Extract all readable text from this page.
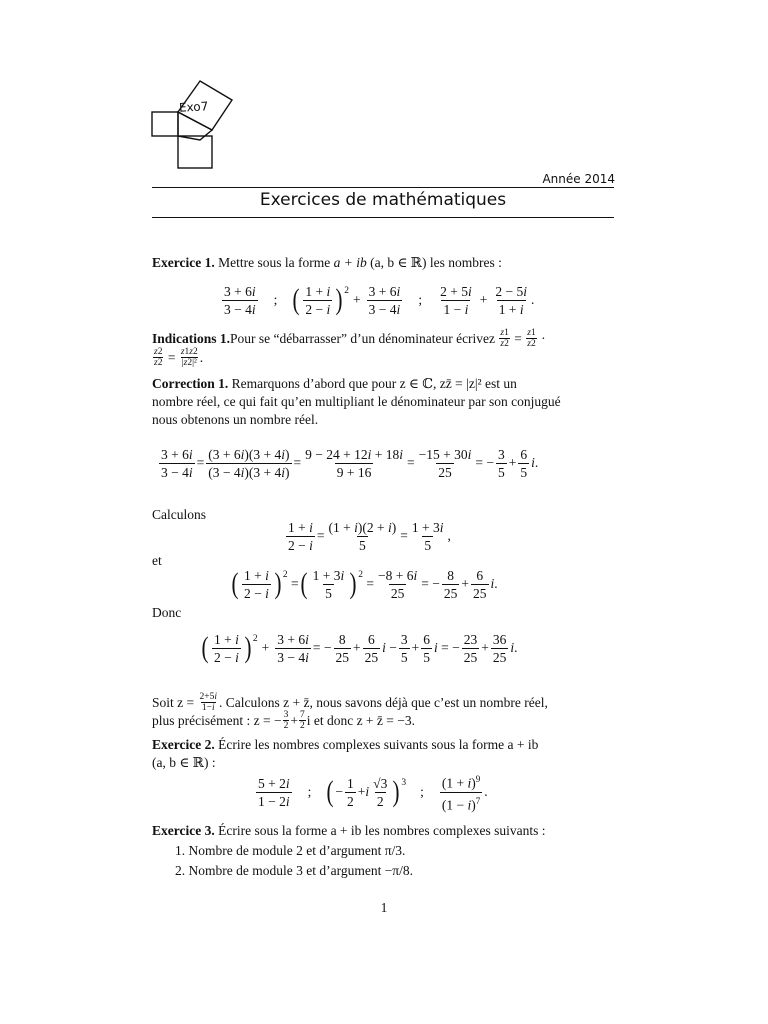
Exo7
Année 2014
Exercices de mathématiques
Exercice 1. Mettre sous la forme a + ib (a, b ∈ ℝ) les nombres :
$\frac{3 + 6i}{3 - 4i}$ ; ( $\frac{1 + i}{2 - i}$ ) 2
+ $\frac{3 + 6i}{3 - 4i}$ ; $\frac{2 + 5i}{1 - i} + \frac{2 - 5i}{1 + i}$ .
Indications 1. Pour se “débarrasser” d’un dénominateur écrivez
z1
z2 = z1
z2 ·
z2
z2 = z1z2
|z2|² .
Correction 1. Remarquons d’abord que pour z ∈ ℂ, zz̄ = |z|² est un
nombre réel, ce qui fait qu’en multipliant le dénominateur par son conjugué
nous obtenons un nombre réel.
$\frac{3 + 6i}{3 - 4i} = \frac{(3 + 6i)(3 + 4i)}{(3 - 4i)(3 + 4i)} = \frac{9 - 24 + 12i + 18i}{9 + 16} = \frac{-15 + 30i}{25}$ = − $\frac{3}{5} + \frac{6}{5}$ i .
Calculons
$\frac{1 + i}{2 - i} = \frac{(1 + i)(2 + i)}{5} = \frac{1 + 3i}{5}$ ,
et
( $\frac{1 + i}{2 - i}$ ) 2
= ( $\frac{1 + 3i}{5}$ ) 2
= $\frac{-8 + 6i}{25}$ = − $\frac{8}{25} + \frac{6}{25}$ i .
Donc
( $\frac{1 + i}{2 - i}$ ) 2
+ $\frac{3 + 6i}{3 - 4i}$ = − $\frac{8}{25} + \frac{6}{25}$ $i - \frac{3}{5} + \frac{6}{5}$ i = − $\frac{23}{25} + \frac{36}{25}$ i .
Soit z =
$\frac{2+5i}{1-i}$ . Calculons z + z̄, nous savons déjà que c’est un nombre réel,
plus précisément : z = − $\frac{3}{2} + \frac{7}{2}$ i et donc z + z̄ = −3.
Exercice 2. Écrire les nombres complexes suivants sous la forme a + ib
(a, b ∈ ℝ) :
$\frac{5 + 2i}{1 - 2i}$ ; ( − $\frac{1}{2} + i \frac{√3}{2}$ ) 3
; $\frac{(1 + i)^9}{(1 - i)^7}$ .
Exercice 3. Écrire sous la forme a + ib les nombres complexes suivants :
1. Nombre de module 2 et d’argument π/3.
2. Nombre de module 3 et d’argument −π/8.
1
